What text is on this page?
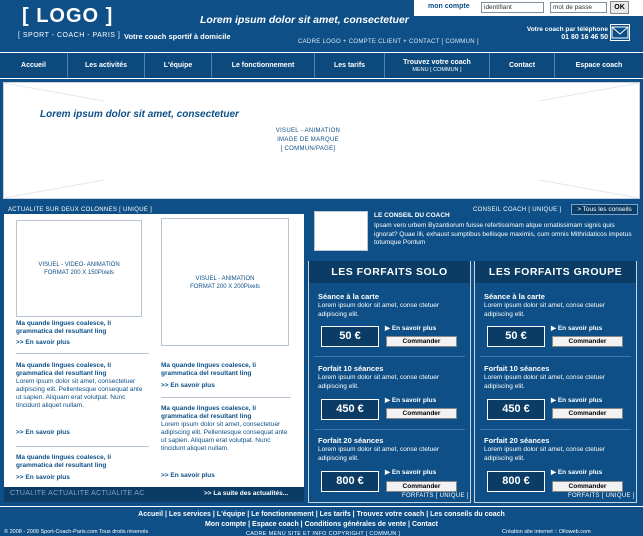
[ LOGO ]
[ SPORT - COACH - PARIS ] Votre coach sportif à domicile
Lorem ipsum dolor sit amet, consectetuer
CADRE LOGO + COMPTE CLIENT + CONTACT [ COMMUN ]
mon compte
identifiant
mot de passe	OK
Votre coach par téléphone
01 80 16 46 50
Accueil	Les activités	L'équipe	Le fonctionnement	Les tarifs	Trouvez votre coach
MENU [ COMMUN ]
Contact	Espace coach
Lorem ipsum dolor sit amet, consectetuer
VISUEL - ANIMATION
IMAGE DE MARQUE
[ COMMUN/PAGE]
ACTUALITE SUR DEUX COLONNES [ UNIQUE ]
VISUEL - VIDEO- ANIMATION
FORMAT 200 X 150Pixels
VISUEL - ANIMATION
FORMAT 200 X 200Pixels
Ma quande lingues coalesce, li grammatica del resultant ling
>> En savoir plus
Ma quande lingues coalesce, li grammatica del resultant ling
Lorem ipsum dolor sit amet, consectetuer adipiscing elit. Pellentesque consequat ante ut sapien. Aliquam erat volutpat. Nunc tincidunt aliquet nullam.
>> En savoir plus
Ma quande lingues coalesce, li grammatica del resultant ling
>> En savoir plus
Ma quande lingues coalesce, li grammatica del resultant ling
>> En savoir plus
Ma quande lingues coalesce, li grammatica del resultant ling
Lorem ipsum dolor sit amet, consectetuer adipiscing elit. Pellentesque consequat ante ut sapien. Aliquam erat volutpat. Nunc tincidunt aliquet nullam.
>> En savoir plus
CTUALITE ACTUALITE ACTUALITE AC	>> La suite des actualités...
CONSEIL COACH [ UNIQUE ]	> Tous les conseils
LE CONSEIL DU COACH
Ipsam vero urbem Byzantiorum fuisse refertissimam atque ornatissimam signis quis ignorat? Quae illi, exhaust sumptibus bellisque maximis, cum omnis Mithridaticos impetus totumque Pontum
LES FORFAITS SOLO
Séance à la carte
Lorem ipsum dolor sit amet, conse ctetuer adipiscing elit.
50 €
▶ En savoir plus
Commander
Forfait 10 séances
Lorem ipsum dolor sit amet, conse ctetuer adipiscing elit.
450 €
▶ En savoir plus
Commander
Forfait 20 séances
Lorem ipsum dolor sit amet, conse ctetuer adipiscing elit.
800 €
▶ En savoir plus
Commander
FORFAITS [ UNIQUE ]
LES FORFAITS GROUPE
Séance à la carte
Lorem ipsum dolor sit amet, conse ctetuer adipiscing elit.
50 €
▶ En savoir plus
Commander
Forfait 10 séances
Lorem ipsum dolor sit amet, conse ctetuer adipiscing elit.
450 €
▶ En savoir plus
Commander
Forfait 20 séances
Lorem ipsum dolor sit amet, conse ctetuer adipiscing elit.
800 €
▶ En savoir plus
Commander
FORFAITS [ UNIQUE ]
Accueil | Les services | L'équipe | Le fonctionnement | Les tarifs | Trouvez votre coach | Les conseils du coach
Mon compte | Espace coach | Conditions générales de vente | Contact
© 2008 - 2009 Sport-Coach-Paris.com Tous droits réservés	Création site internet :: Olloweb.com
CADRE MENU SITE ET INFO COPYRIGHT [ COMMUN ]
